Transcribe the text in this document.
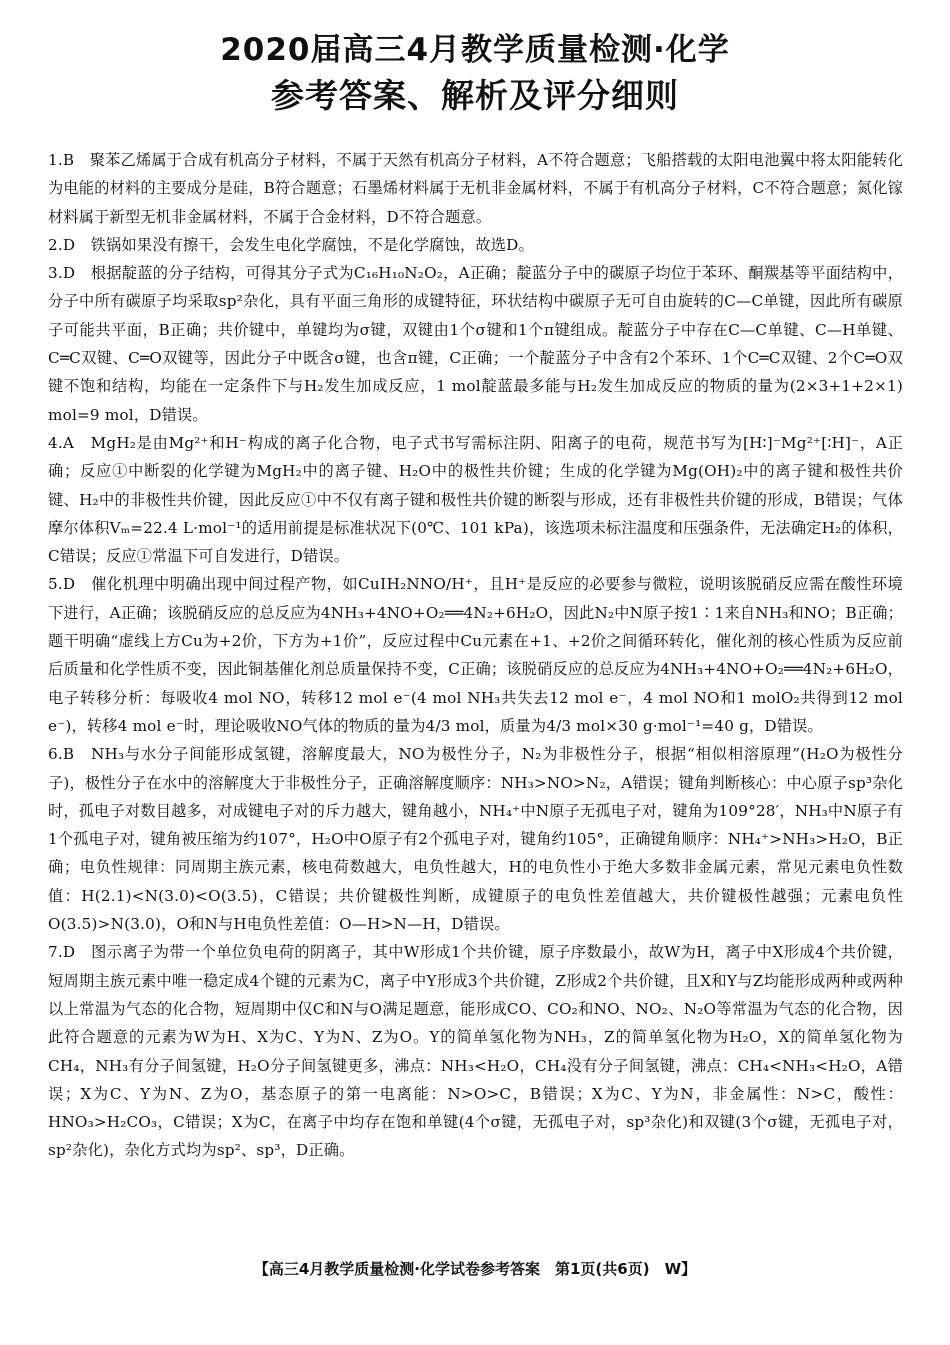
2020届高三4月教学质量检测·化学
参考答案、解析及评分细则

1.B　 聚苯乙烯属于合成有机高分子材料，不属于天然有机高分子材料，A不符合题意；飞船搭载的太阳电池翼中将太阳能转化为电能的材料的主要成分是硅，B符合题意；石墨烯材料属于无机非金属材料，不属于有机高分子材料，C不符合题意；氮化镓材料属于新型无机非金属材料，不属于合金材料，D不符合题意。

2.D　 铁锅如果没有擦干，会发生电化学腐蚀，不是化学腐蚀，故选D。

3.D　 根据靛蓝的分子结构，可得其分子式为C₁₆H₁₀N₂O₂，A正确；靛蓝分子中的碳原子均位于苯环、酮羰基等平面结构中，分子中所有碳原子均采取sp²杂化，具有平面三角形的成键特征，环状结构中碳原子无可自由旋转的C—C单键，因此所有碳原子可能共平面，B正确；共价键中，单键均为σ键，双键由1个σ键和1个π键组成。靛蓝分子中存在C—C单键、C—H单键、C═C双键、C═O双键等，因此分子中既含σ键，也含π键，C正确；一个靛蓝分子中含有2个苯环、1个C═C双键、2个C═O双键不饱和结构，均能在一定条件下与H₂发生加成反应，1 mol靛蓝最多能与H₂发生加成反应的物质的量为(2×3+1+2×1) mol=9 mol，D错误。

4.A　 MgH₂是由Mg²⁺和H⁻构成的离子化合物，电子式书写需标注阴、阳离子的电荷，规范书写为[H∶]⁻Mg²⁺[∶H]⁻，A正确；反应①中断裂的化学键为MgH₂中的离子键、H₂O中的极性共价键；生成的化学键为Mg(OH)₂中的离子键和极性共价键、H₂中的非极性共价键，因此反应①中不仅有离子键和极性共价键的断裂与形成，还有非极性共价键的形成，B错误；气体摩尔体积Vₘ=22.4 L·mol⁻¹的适用前提是标准状况下(0℃、101 kPa)，该选项未标注温度和压强条件，无法确定H₂的体积，C错误；反应①常温下可自发进行，D错误。

5.D　 催化机理中明确出现中间过程产物，如CuⅠH₂NNO/H⁺，且H⁺是反应的必要参与微粒，说明该脱硝反应需在酸性环境下进行，A正确；该脱硝反应的总反应为4NH₃+4NO+O₂══4N₂+6H₂O，因此N₂中N原子按1∶1来自NH₃和NO；B正确；题干明确“虚线上方Cu为+2价，下方为+1价”，反应过程中Cu元素在+1、+2价之间循环转化，催化剂的核心性质为反应前后质量和化学性质不变，因此铜基催化剂总质量保持不变，C正确；该脱硝反应的总反应为4NH₃+4NO+O₂══4N₂+6H₂O，电子转移分析：每吸收4 mol NO，转移12 mol e⁻(4 mol NH₃共失去12 mol e⁻，4 mol NO和1 molO₂共得到12 mol e⁻)，转移4 mol e⁻时，理论吸收NO气体的物质的量为4/3 mol，质量为4/3 mol×30 g·mol⁻¹=40 g，D错误。

6.B　 NH₃与水分子间能形成氢键，溶解度最大，NO为极性分子，N₂为非极性分子，根据“相似相溶原理”(H₂O为极性分子)，极性分子在水中的溶解度大于非极性分子，正确溶解度顺序：NH₃>NO>N₂，A错误；键角判断核心：中心原子sp³杂化时，孤电子对数目越多，对成键电子对的斥力越大，键角越小，NH₄⁺中N原子无孤电子对，键角为109°28′，NH₃中N原子有1个孤电子对，键角被压缩为约107°，H₂O中O原子有2个孤电子对，键角约105°，正确键角顺序：NH₄⁺>NH₃>H₂O，B正确；电负性规律：同周期主族元素，核电荷数越大，电负性越大，H的电负性小于绝大多数非金属元素，常见元素电负性数值：H(2.1)<N(3.0)<O(3.5)，C错误；共价键极性判断，成键原子的电负性差值越大，共价键极性越强；元素电负性O(3.5)>N(3.0)，O和N与H电负性差值：O—H>N—H，D错误。

7.D　 图示离子为带一个单位负电荷的阴离子，其中W形成1个共价键，原子序数最小，故W为H，离子中X形成4个共价键，短周期主族元素中唯一稳定成4个键的元素为C，离子中Y形成3个共价键，Z形成2个共价键，且X和Y与Z均能形成两种或两种以上常温为气态的化合物，短周期中仅C和N与O满足题意，能形成CO、CO₂和NO、NO₂、N₂O等常温为气态的化合物，因此符合题意的元素为W为H、X为C、Y为N、Z为O。Y的简单氢化物为NH₃，Z的简单氢化物为H₂O，X的简单氢化物为CH₄，NH₃有分子间氢键，H₂O分子间氢键更多，沸点：NH₃<H₂O，CH₄没有分子间氢键，沸点：CH₄<NH₃<H₂O，A错误；X为C、Y为N、Z为O，基态原子的第一电离能：N>O>C，B错误；X为C、Y为N，非金属性：N>C，酸性：HNO₃>H₂CO₃，C错误；X为C，在离子中均存在饱和单键(4个σ键，无孤电子对，sp³杂化)和双键(3个σ键，无孤电子对，sp²杂化)，杂化方式均为sp²、sp³，D正确。

【高三4月教学质量检测·化学试卷参考答案　第1页(共6页)　W】
